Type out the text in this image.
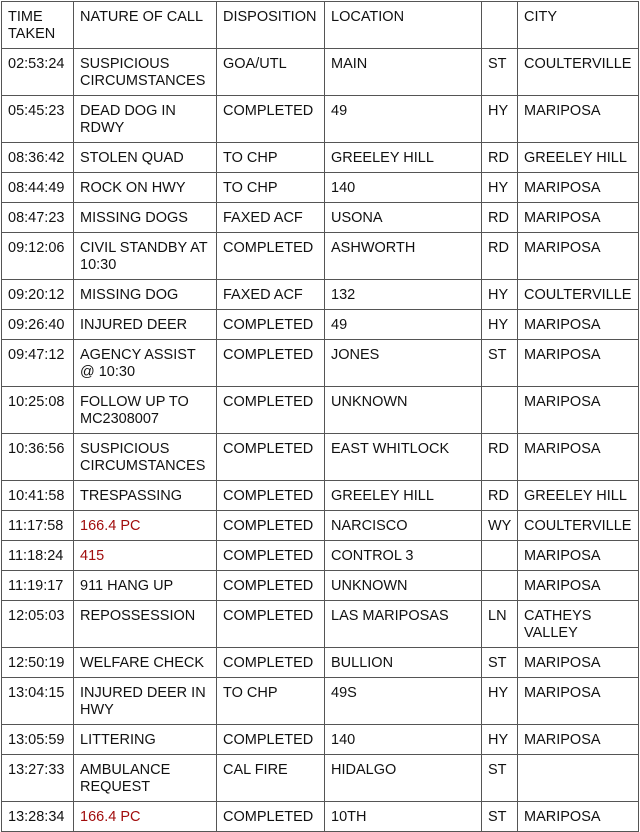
TIME TAKEN	NATURE OF CALL	DISPOSITION	LOCATION		CITY
02:53:24	SUSPICIOUS CIRCUMSTANCES	GOA/UTL	MAIN	ST	COULTERVILLE
05:45:23	DEAD DOG IN RDWY	COMPLETED	49	HY	MARIPOSA
08:36:42	STOLEN QUAD	TO CHP	GREELEY HILL	RD	GREELEY HILL
08:44:49	ROCK ON HWY	TO CHP	140	HY	MARIPOSA
08:47:23	MISSING DOGS	FAXED ACF	USONA	RD	MARIPOSA
09:12:06	CIVIL STANDBY AT 10:30	COMPLETED	ASHWORTH	RD	MARIPOSA
09:20:12	MISSING DOG	FAXED ACF	132	HY	COULTERVILLE
09:26:40	INJURED DEER	COMPLETED	49	HY	MARIPOSA
09:47:12	AGENCY ASSIST @ 10:30	COMPLETED	JONES	ST	MARIPOSA
10:25:08	FOLLOW UP TO MC2308007	COMPLETED	UNKNOWN		MARIPOSA
10:36:56	SUSPICIOUS CIRCUMSTANCES	COMPLETED	EAST WHITLOCK	RD	MARIPOSA
10:41:58	TRESPASSING	COMPLETED	GREELEY HILL	RD	GREELEY HILL
11:17:58	166.4 PC	COMPLETED	NARCISCO	WY	COULTERVILLE
11:18:24	415	COMPLETED	CONTROL 3		MARIPOSA
11:19:17	911 HANG UP	COMPLETED	UNKNOWN		MARIPOSA
12:05:03	REPOSSESSION	COMPLETED	LAS MARIPOSAS	LN	CATHEYS VALLEY
12:50:19	WELFARE CHECK	COMPLETED	BULLION	ST	MARIPOSA
13:04:15	INJURED DEER IN HWY	TO CHP	49S	HY	MARIPOSA
13:05:59	LITTERING	COMPLETED	140	HY	MARIPOSA
13:27:33	AMBULANCE REQUEST	CAL FIRE	HIDALGO	ST	
13:28:34	166.4 PC	COMPLETED	10TH	ST	MARIPOSA
